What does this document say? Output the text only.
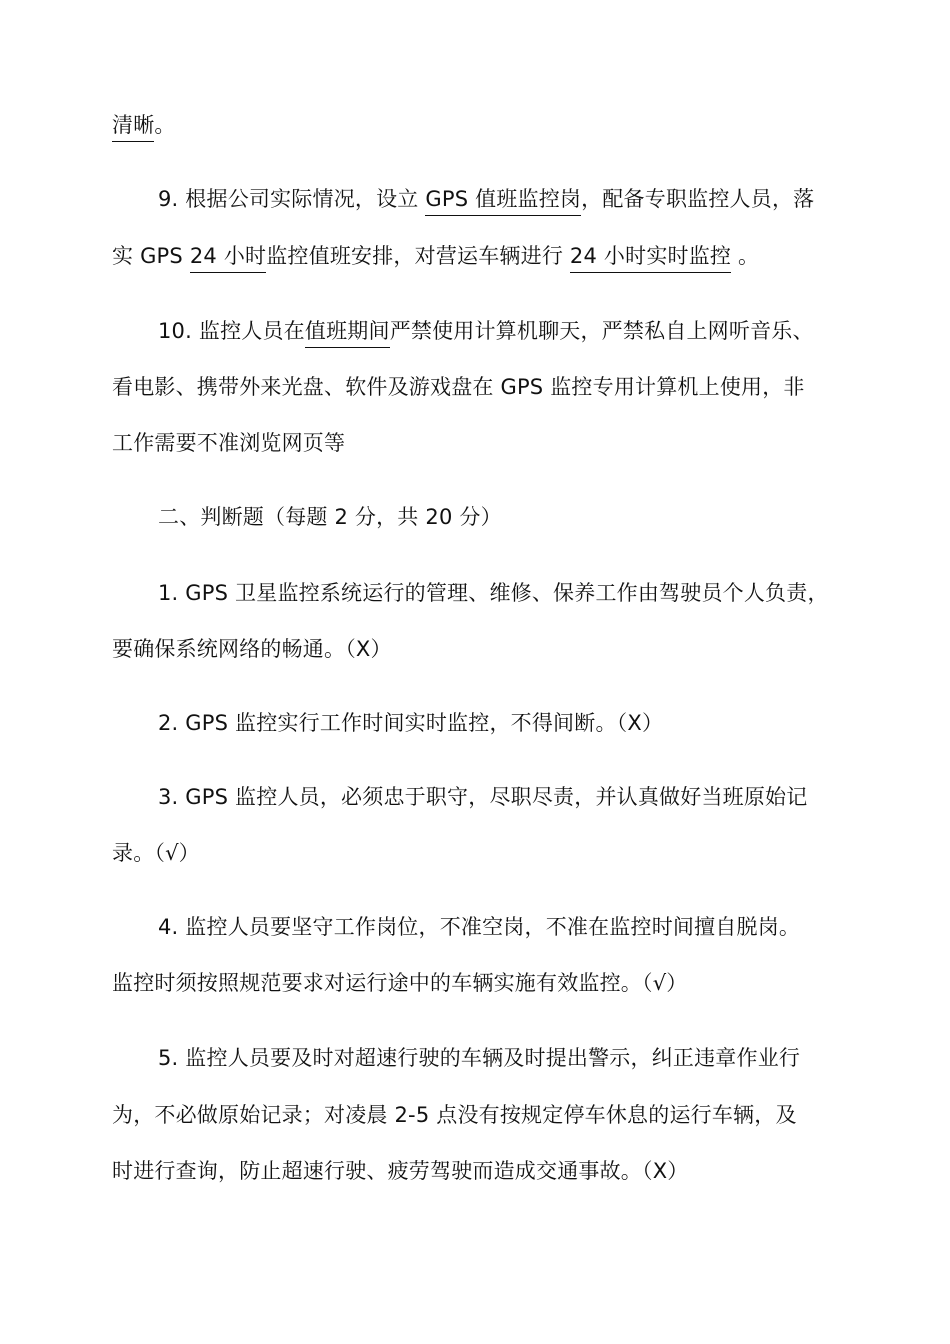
清晰。
9. 根据公司实际情况，设立 GPS 值班监控岗，配备专职监控人员，落
实 GPS 24 小时监控值班安排，对营运车辆进行 24 小时实时监控 。
10. 监控人员在值班期间严禁使用计算机聊天，严禁私自上网听音乐、
看电影、携带外来光盘、软件及游戏盘在 GPS 监控专用计算机上使用，非
工作需要不准浏览网页等
二、判断题（每题 2 分，共 20 分）
1. GPS 卫星监控系统运行的管理、维修、保养工作由驾驶员个人负责，
要确保系统网络的畅通。（X）
2. GPS 监控实行工作时间实时监控，不得间断。（X）
3. GPS 监控人员，必须忠于职守，尽职尽责，并认真做好当班原始记
录。（√）
4. 监控人员要坚守工作岗位，不准空岗，不准在监控时间擅自脱岗。
监控时须按照规范要求对运行途中的车辆实施有效监控。（√）
5. 监控人员要及时对超速行驶的车辆及时提出警示，纠正违章作业行
为，不必做原始记录；对凌晨 2-5 点没有按规定停车休息的运行车辆，及
时进行查询，防止超速行驶、疲劳驾驶而造成交通事故。（X）
